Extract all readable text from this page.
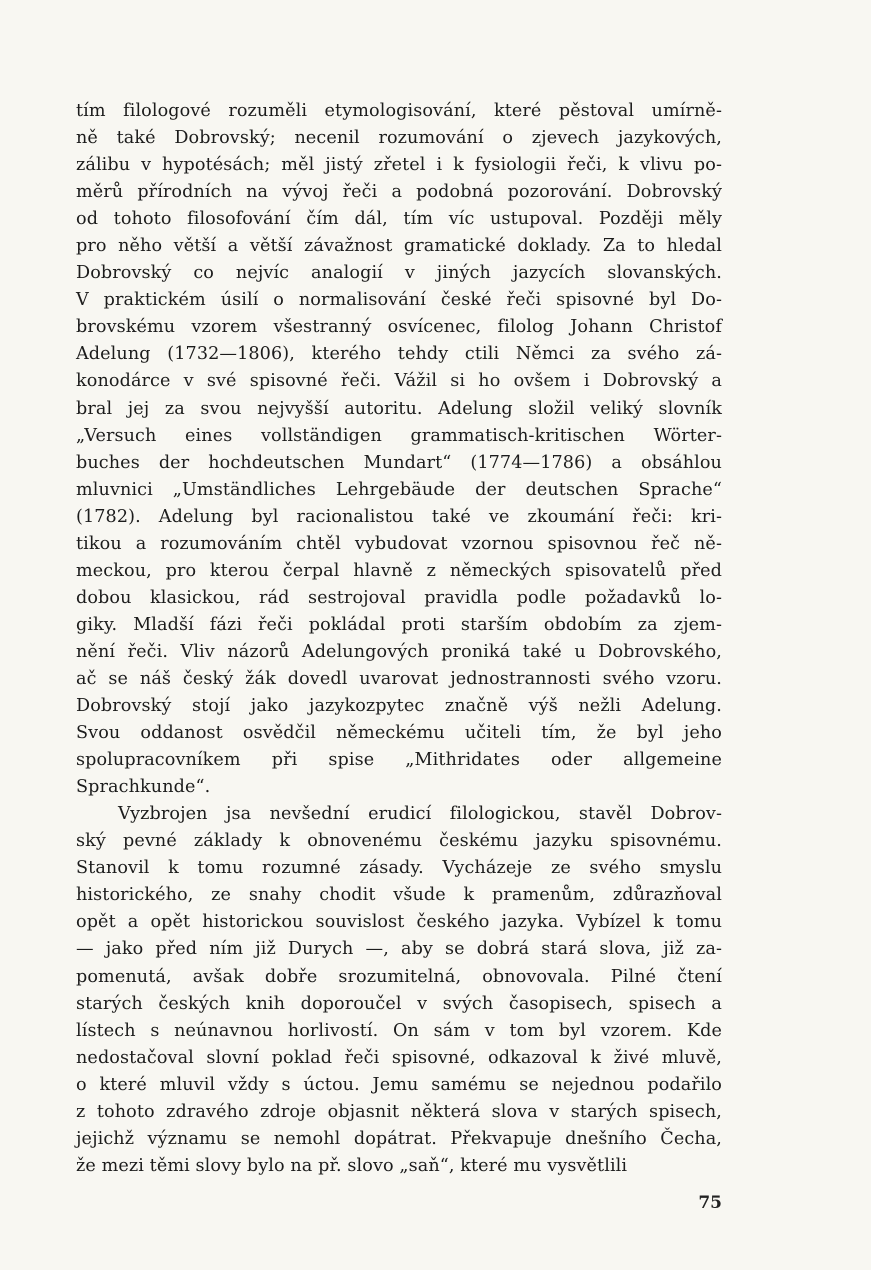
tím filologové rozuměli etymologisování, které pěstoval umírně-
ně také Dobrovský; necenil rozumování o zjevech jazykových,
zálibu v hypotésách; měl jistý zřetel i k fysiologii řeči, k vlivu po-
měrů přírodních na vývoj řeči a podobná pozorování. Dobrovský
od tohoto filosofování čím dál, tím víc ustupoval. Později měly
pro něho větší a větší závažnost gramatické doklady. Za to hledal
Dobrovský co nejvíc analogií v jiných jazycích slovanských.
V praktickém úsilí o normalisování české řeči spisovné byl Do-
brovskému vzorem všestranný osvícenec, filolog Johann Christof
Adelung (1732—1806), kterého tehdy ctili Němci za svého zá-
konodárce v své spisovné řeči. Vážil si ho ovšem i Dobrovský a
bral jej za svou nejvyšší autoritu. Adelung složil veliký slovník
„Versuch eines vollständigen grammatisch-kritischen Wörter-
buches der hochdeutschen Mundart“ (1774—1786) a obsáhlou
mluvnici „Umständliches Lehrgebäude der deutschen Sprache“
(1782). Adelung byl racionalistou také ve zkoumání řeči: kri-
tikou a rozumováním chtěl vybudovat vzornou spisovnou řeč ně-
meckou, pro kterou čerpal hlavně z německých spisovatelů před
dobou klasickou, rád sestrojoval pravidla podle požadavků lo-
giky. Mladší fázi řeči pokládal proti starším obdobím za zjem-
nění řeči. Vliv názorů Adelungových proniká také u Dobrovského,
ač se náš český žák dovedl uvarovat jednostrannosti svého vzoru.
Dobrovský stojí jako jazykozpytec značně výš nežli Adelung.
Svou oddanost osvědčil německému učiteli tím, že byl jeho
spolupracovníkem při spise „Mithridates oder allgemeine
Sprachkunde“.
Vyzbrojen jsa nevšední erudicí filologickou, stavěl Dobrov-
ský pevné základy k obnovenému českému jazyku spisovnému.
Stanovil k tomu rozumné zásady. Vycházeje ze svého smyslu
historického, ze snahy chodit všude k pramenům, zdůrazňoval
opět a opět historickou souvislost českého jazyka. Vybízel k tomu
— jako před ním již Durych —, aby se dobrá stará slova, již za-
pomenutá, avšak dobře srozumitelná, obnovovala. Pilné čtení
starých českých knih doporoučel v svých časopisech, spisech a
lístech s neúnavnou horlivostí. On sám v tom byl vzorem. Kde
nedostačoval slovní poklad řeči spisovné, odkazoval k živé mluvě,
o které mluvil vždy s úctou. Jemu samému se nejednou podařilo
z tohoto zdravého zdroje objasnit některá slova v starých spisech,
jejichž významu se nemohl dopátrat. Překvapuje dnešního Čecha,
že mezi těmi slovy bylo na př. slovo „saň“, které mu vysvětlili
75
